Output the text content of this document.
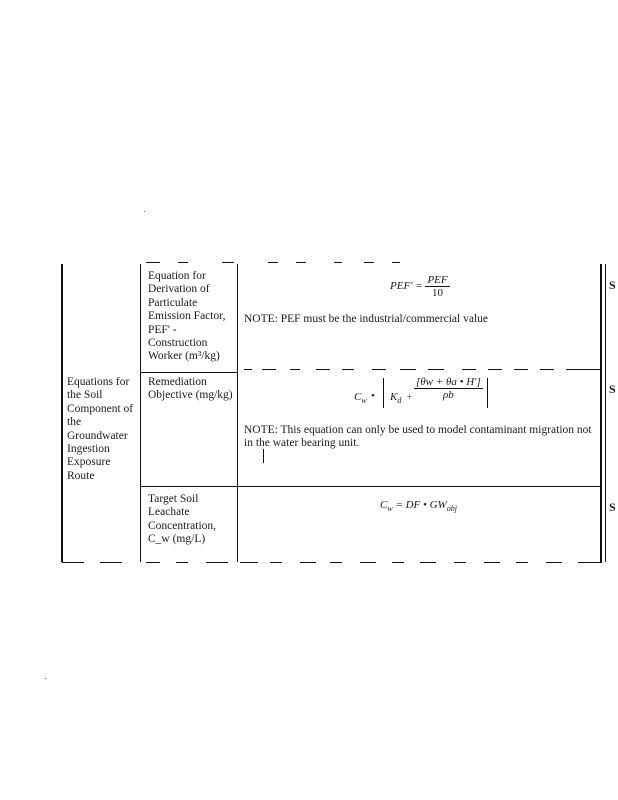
Equations for the Soil Component of the Groundwater Ingestion Exposure Route
Equation for Derivation of Particulate Emission Factor, PEF' - Construction Worker (m³/kg)
$PEF' = \frac{\text{PEF}}{10}$
NOTE: PEF must be the industrial/commercial value
S
Remediation Objective (mg/kg)	$C_w$ • $K_d + \frac{[\theta w + \theta a • H']}{\rho b}$
NOTE: This equation can only be used to model contaminant migration not in the water bearing unit.
S
Target Soil Leachate Concentration, C_w (mg/L)
$C_w$ = DF • $GW_{obj}$	S
